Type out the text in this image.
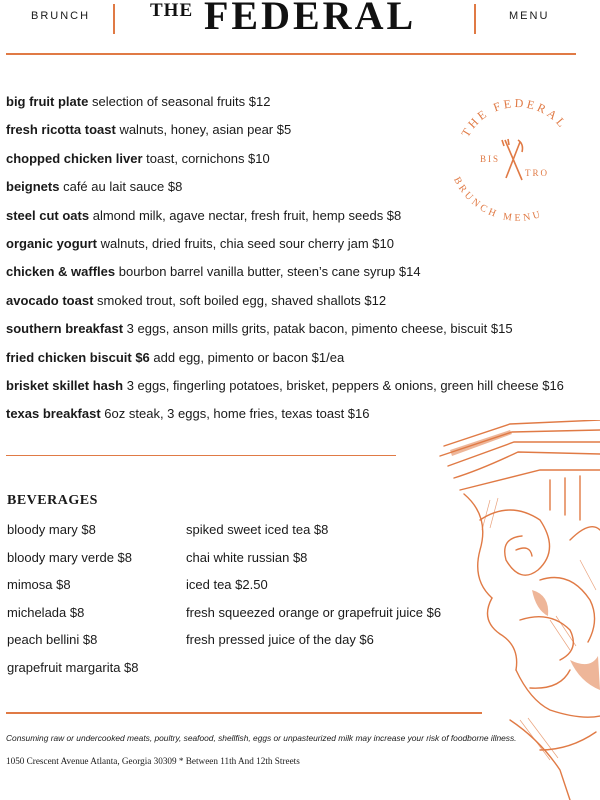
BRUNCH	THE FEDERAL	MENU
THE FEDERAL
BRUNCH MENU
BIS
TRO
big fruit plate selection of seasonal fruits $12
fresh ricotta toast walnuts, honey, asian pear $5
chopped chicken liver toast, cornichons $10
beignets café au lait sauce $8
steel cut oats almond milk, agave nectar, fresh fruit, hemp seeds $8
organic yogurt walnuts, dried fruits, chia seed sour cherry jam $10
chicken & waffles bourbon barrel vanilla butter, steen’s cane syrup $14
avocado toast smoked trout, soft boiled egg, shaved shallots $12
southern breakfast 3 eggs, anson mills grits, patak bacon, pimento cheese, biscuit $15
fried chicken biscuit $6 add egg, pimento or bacon $1/ea
brisket skillet hash 3 eggs, fingerling potatoes, brisket, peppers & onions, green hill cheese $16
texas breakfast 6oz steak, 3 eggs, home fries, texas toast $16
BEVERAGES
bloody mary $8
bloody mary verde $8
mimosa $8
michelada $8
peach bellini $8
grapefruit margarita $8
spiked sweet iced tea $8
chai white russian $8
iced tea $2.50
fresh squeezed orange or grapefruit juice $6
fresh pressed juice of the day $6
Consuming raw or undercooked meats, poultry, seafood, shellfish, eggs or unpasteurized milk may increase your risk of foodborne illness.
1050 Crescent Avenue Atlanta, Georgia 30309 * Between 11th And 12th Streets
